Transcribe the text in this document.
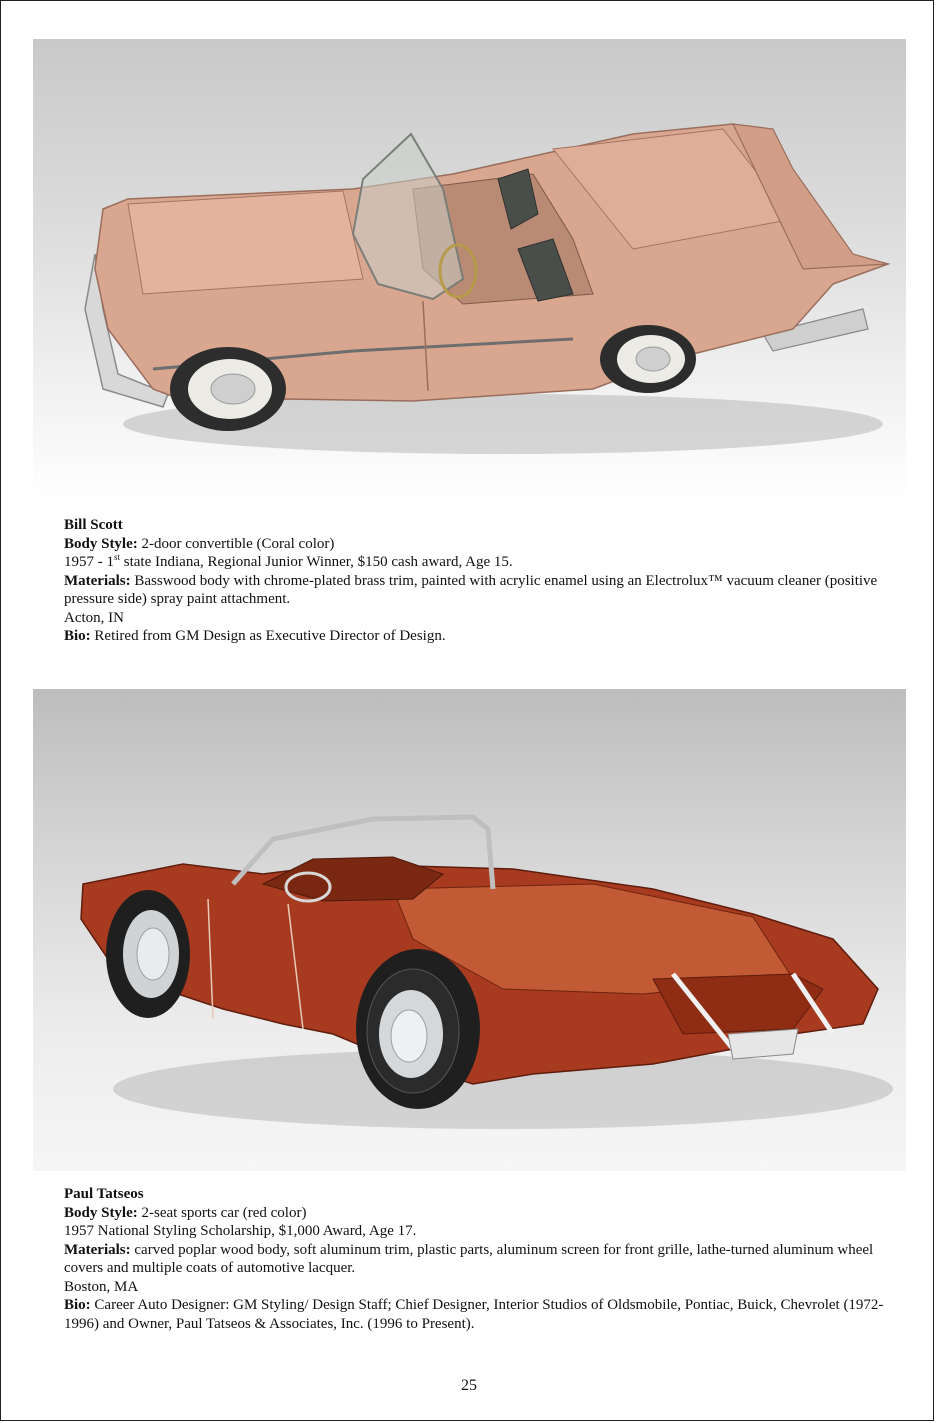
Bill Scott
Body Style: 2-door convertible (Coral color)
1957 - 1st state Indiana, Regional Junior Winner, $150 cash award, Age 15.
Materials: Basswood body with chrome-plated brass trim, painted with acrylic enamel using an Electrolux™ vacuum cleaner (positive pressure side) spray paint attachment.
Acton, IN
Bio: Retired from GM Design as Executive Director of Design.
Paul Tatseos
Body Style: 2-seat sports car (red color)
1957 National Styling Scholarship, $1,000 Award, Age 17.
Materials: carved poplar wood body, soft aluminum trim, plastic parts, aluminum screen for front grille, lathe-turned aluminum wheel covers and multiple coats of automotive lacquer.
Boston, MA
Bio: Career Auto Designer: GM Styling/ Design Staff; Chief Designer, Interior Studios of Oldsmobile, Pontiac, Buick, Chevrolet (1972-1996) and Owner, Paul Tatseos & Associates, Inc. (1996 to Present).
25
